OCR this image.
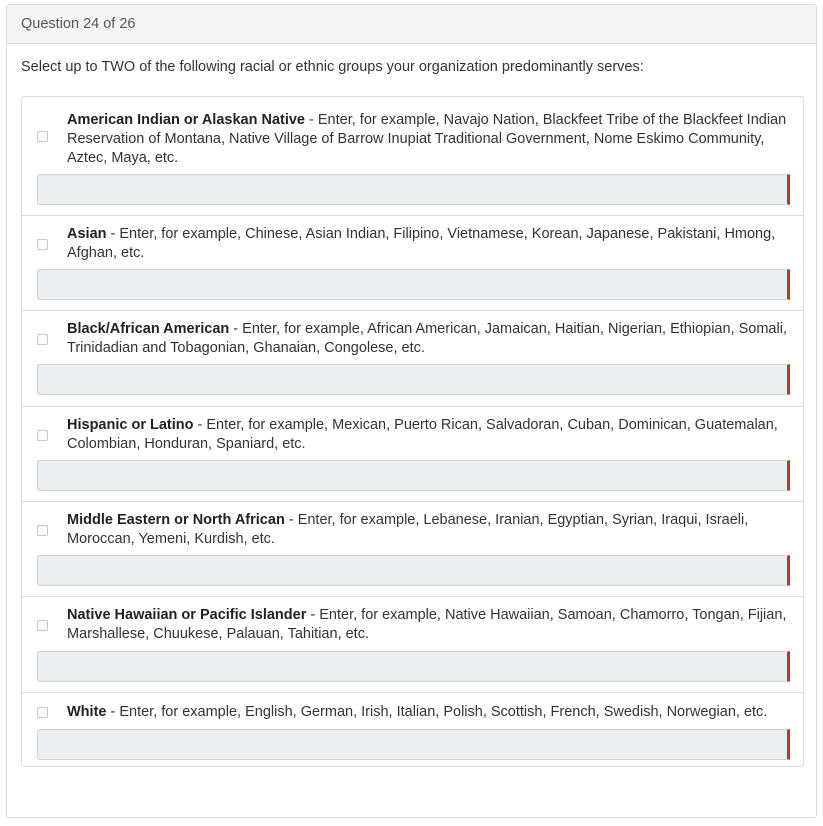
Question 24 of 26
Select up to TWO of the following racial or ethnic groups your organization predominantly serves:
American Indian or Alaskan Native - Enter, for example, Navajo Nation, Blackfeet Tribe of the Blackfeet Indian Reservation of Montana, Native Village of Barrow Inupiat Traditional Government, Nome Eskimo Community, Aztec, Maya, etc.
Asian - Enter, for example, Chinese, Asian Indian, Filipino, Vietnamese, Korean, Japanese, Pakistani, Hmong, Afghan, etc.
Black/African American - Enter, for example, African American, Jamaican, Haitian, Nigerian, Ethiopian, Somali, Trinidadian and Tobagonian, Ghanaian, Congolese, etc.
Hispanic or Latino - Enter, for example, Mexican, Puerto Rican, Salvadoran, Cuban, Dominican, Guatemalan, Colombian, Honduran, Spaniard, etc.
Middle Eastern or North African - Enter, for example, Lebanese, Iranian, Egyptian, Syrian, Iraqui, Israeli, Moroccan, Yemeni, Kurdish, etc.
Native Hawaiian or Pacific Islander - Enter, for example, Native Hawaiian, Samoan, Chamorro, Tongan, Fijian, Marshallese, Chuukese, Palauan, Tahitian, etc.
White - Enter, for example, English, German, Irish, Italian, Polish, Scottish, French, Swedish, Norwegian, etc.
